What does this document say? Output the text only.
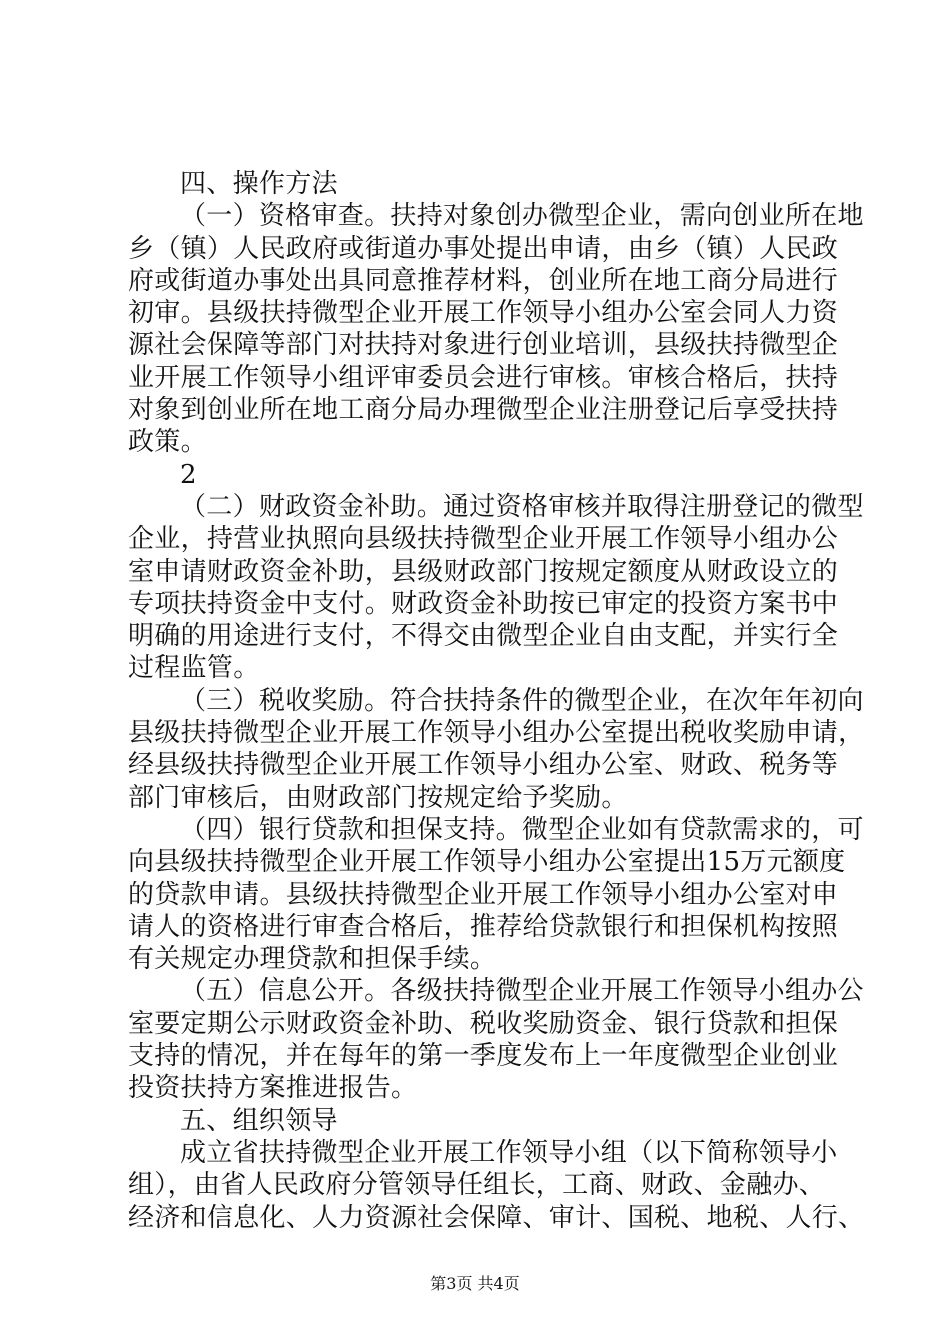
四、操作方法
（一）资格审查。扶持对象创办微型企业，需向创业所在地
乡（镇）人民政府或街道办事处提出申请，由乡（镇）人民政
府或街道办事处出具同意推荐材料，创业所在地工商分局进行
初审。县级扶持微型企业开展工作领导小组办公室会同人力资
源社会保障等部门对扶持对象进行创业培训，县级扶持微型企
业开展工作领导小组评审委员会进行审核。审核合格后，扶持
对象到创业所在地工商分局办理微型企业注册登记后享受扶持
政策。
2
（二）财政资金补助。通过资格审核并取得注册登记的微型
企业，持营业执照向县级扶持微型企业开展工作领导小组办公
室申请财政资金补助，县级财政部门按规定额度从财政设立的
专项扶持资金中支付。财政资金补助按已审定的投资方案书中
明确的用途进行支付，不得交由微型企业自由支配，并实行全
过程监管。
（三）税收奖励。符合扶持条件的微型企业，在次年年初向
县级扶持微型企业开展工作领导小组办公室提出税收奖励申请，
经县级扶持微型企业开展工作领导小组办公室、财政、税务等
部门审核后，由财政部门按规定给予奖励。
（四）银行贷款和担保支持。微型企业如有贷款需求的，可
向县级扶持微型企业开展工作领导小组办公室提出15万元额度
的贷款申请。县级扶持微型企业开展工作领导小组办公室对申
请人的资格进行审查合格后，推荐给贷款银行和担保机构按照
有关规定办理贷款和担保手续。
（五）信息公开。各级扶持微型企业开展工作领导小组办公
室要定期公示财政资金补助、税收奖励资金、银行贷款和担保
支持的情况，并在每年的第一季度发布上一年度微型企业创业
投资扶持方案推进报告。
五、组织领导
成立省扶持微型企业开展工作领导小组（以下简称领导小
组），由省人民政府分管领导任组长，工商、财政、金融办、
经济和信息化、人力资源社会保障、审计、国税、地税、人行、
第3页 共4页
